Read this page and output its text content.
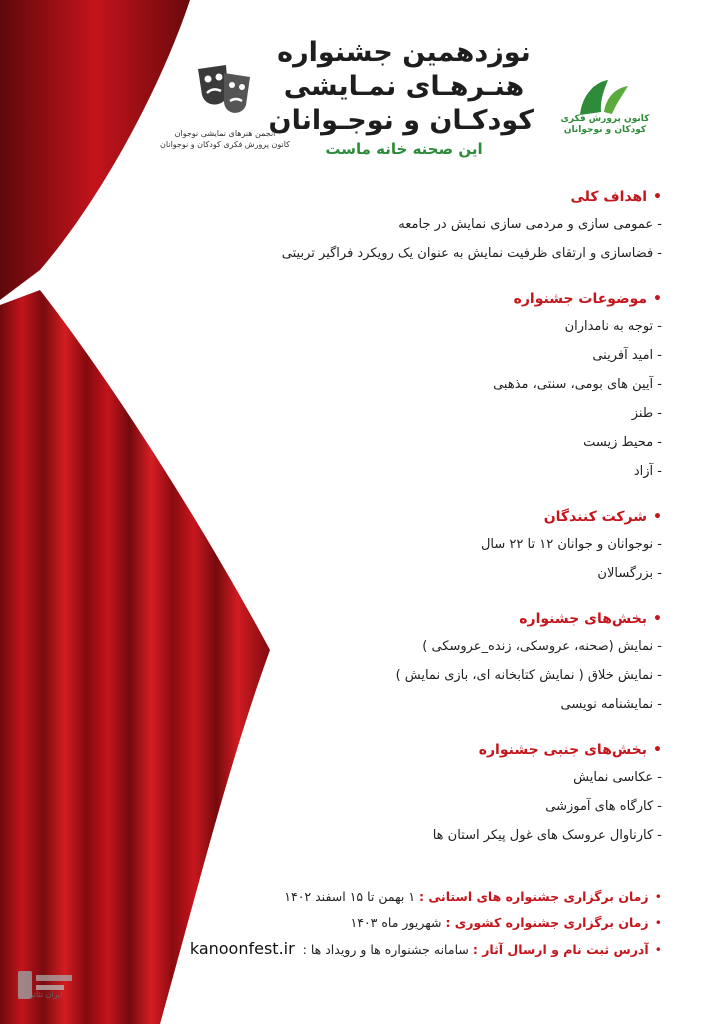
نوزدهمین جشنواره
هنـرهـای نمـایشی
کودکـان و نوجـوانان
این صحنه خانه ماست
کانون پرورش فکری
کودکان و نوجوانان
انجمن هنرهای نمایشی نوجوان
کانون پرورش فکری کودکان و نوجوانان
•اهداف کلی
- عمومی سازی و مردمی سازی نمایش در جامعه
- فضاسازی و ارتقای ظرفیت نمایش به عنوان یک رویکرد فراگیر تربیتی
•موضوعات جشنواره
- توجه به نامداران
- امید آفرینی
- آیین های بومی، سنتی، مذهبی
- طنز
- محیط زیست
- آزاد
•شرکت کنندگان
- نوجوانان و جوانان ۱۲ تا ۲۲ سال
- بزرگسالان
•بخش‌های جشنواره
- نمایش (صحنه، عروسکی، زنده_عروسکی )
- نمایش خلاق ( نمایش کتابخانه ای، بازی نمایش )
- نمایشنامه نویسی
•بخش‌های جنبی جشنواره
- عکاسی نمایش
- کارگاه های آموزشی
- کارناوال عروسک های غول پیکر استان ها
•زمان برگزاری جشنواره های استانی : ۱ بهمن تا ۱۵ اسفند ۱۴۰۲
•زمان برگزاری جشنواره کشوری : شهریور ماه ۱۴۰۳
•آدرس ثبت نام و ارسال آثار : سامانه جشنواره ها و رویداد ها :kanoonfest.ir
ایران تئاتر
